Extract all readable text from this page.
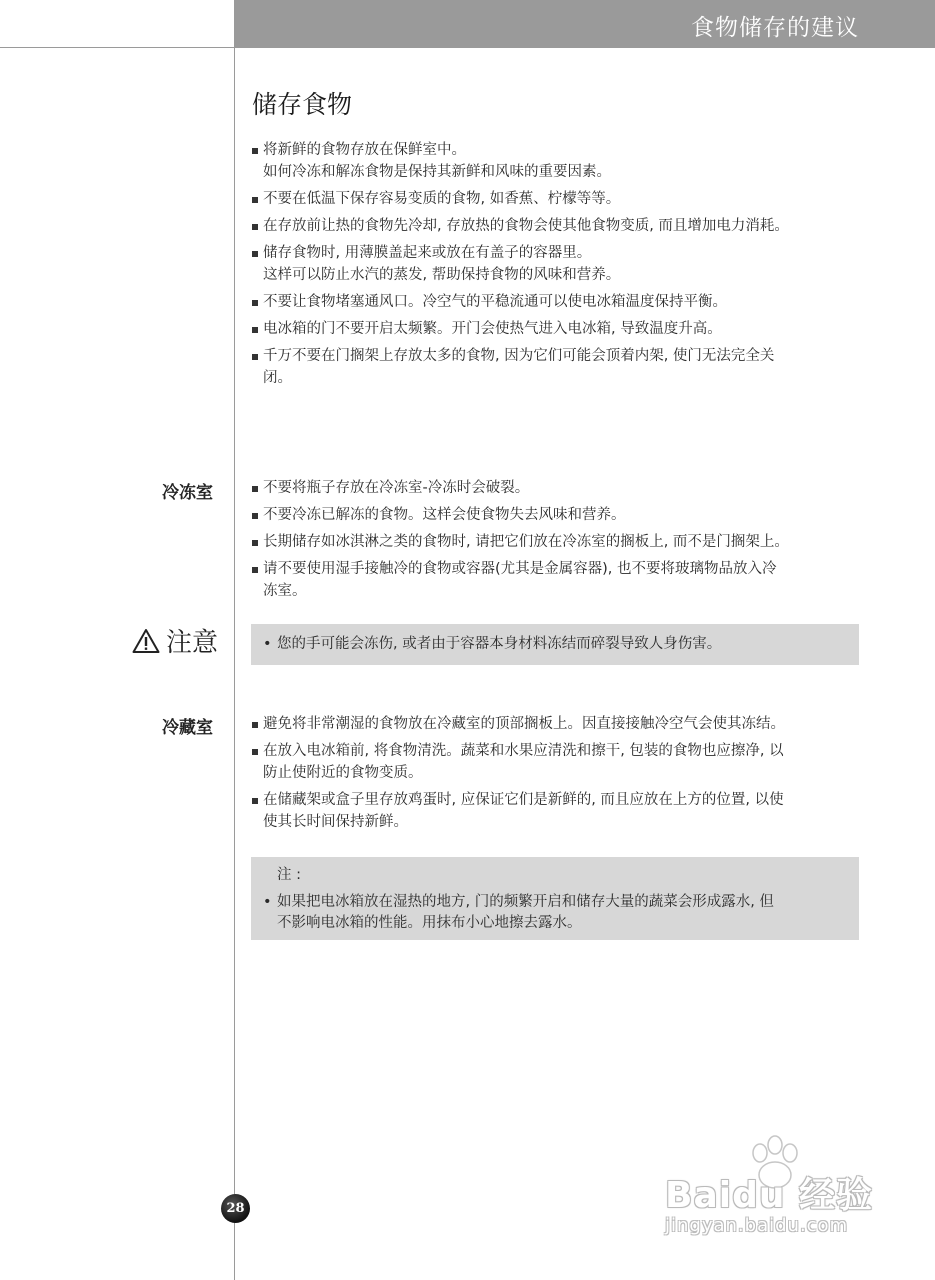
食物储存的建议
储存食物
将新鲜的食物存放在保鲜室中。
如何冷冻和解冻食物是保持其新鲜和风味的重要因素。
不要在低温下保存容易变质的食物, 如香蕉、柠檬等等。
在存放前让热的食物先冷却, 存放热的食物会使其他食物变质, 而且增加电力消耗。
储存食物时, 用薄膜盖起来或放在有盖子的容器里。
这样可以防止水汽的蒸发, 帮助保持食物的风味和营养。
不要让食物堵塞通风口。冷空气的平稳流通可以使电冰箱温度保持平衡。
电冰箱的门不要开启太频繁。开门会使热气进入电冰箱, 导致温度升高。
千万不要在门搁架上存放太多的食物, 因为它们可能会顶着内架, 使门无法完全关
闭。
冷冻室	不要将瓶子存放在冷冻室-冷冻时会破裂。
不要冷冻已解冻的食物。这样会使食物失去风味和营养。
长期储存如冰淇淋之类的食物时, 请把它们放在冷冻室的搁板上, 而不是门搁架上。
请不要使用湿手接触冷的食物或容器(尤其是金属容器), 也不要将玻璃物品放入冷
冻室。
注意
•	您的手可能会冻伤, 或者由于容器本身材料冻结而碎裂导致人身伤害。
冷藏室	避免将非常潮湿的食物放在冷藏室的顶部搁板上。因直接接触冷空气会使其冻结。
在放入电冰箱前, 将食物清洗。蔬菜和水果应清洗和擦干, 包装的食物也应擦净, 以
防止使附近的食物变质。
在储藏架或盒子里存放鸡蛋时, 应保证它们是新鲜的, 而且应放在上方的位置, 以使
使其长时间保持新鲜。
注 :
• 如果把电冰箱放在湿热的地方, 门的频繁开启和储存大量的蔬菜会形成露水, 但
不影响电冰箱的性能。用抹布小心地擦去露水。
28	Baidu 经验
jingyan.baidu.com
